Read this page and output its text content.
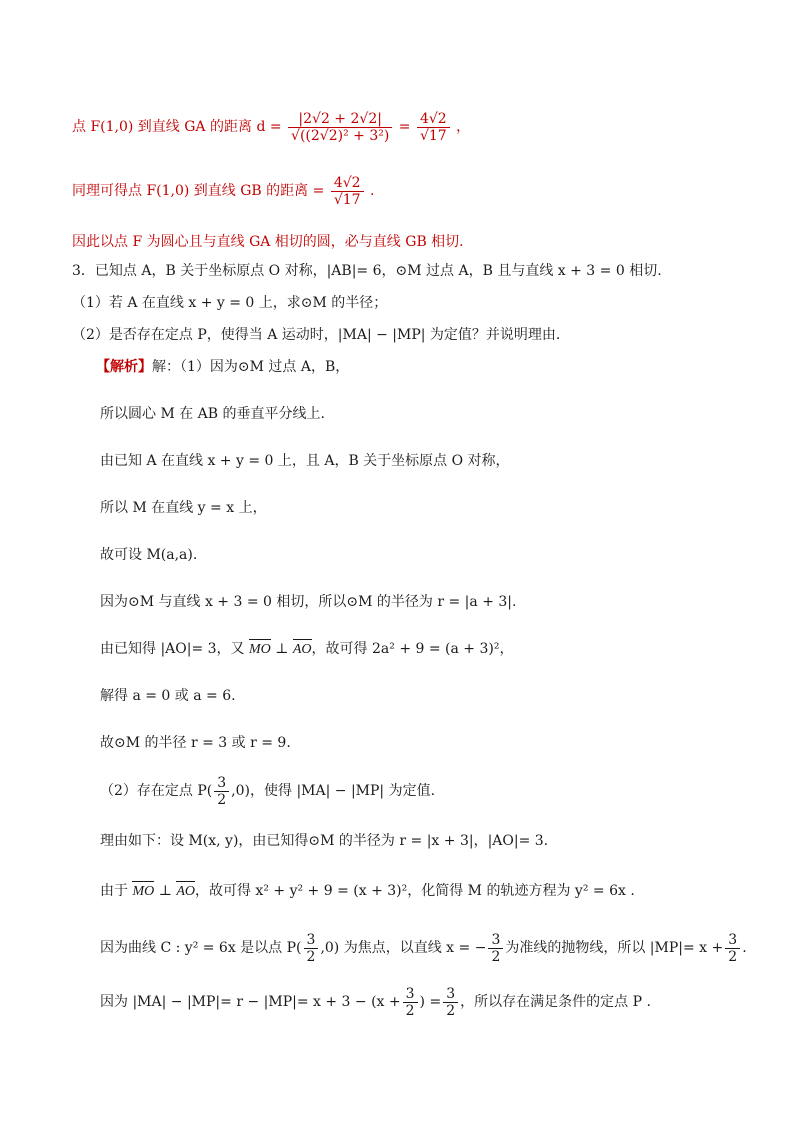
点 F(1,0) 到直线 GA 的距离 $d = \frac{|2√2 + 2√2|}{\text{√((2√2)² + 3²)}} = \frac{4√2}{√17}$ ，
同理可得点 F(1,0) 到直线 GB 的距离 = $\frac{4√2}{√17}$ .
因此以点 F 为圆心且与直线 GA 相切的圆，必与直线 GB 相切.
3．已知点 A，B 关于坐标原点 O 对称，|AB|= 6，⊙M 过点 A，B 且与直线 x + 3 = 0 相切.
（1）若 A 在直线 x + y = 0 上，求⊙M 的半径；
（2）是否存在定点 P，使得当 A 运动时，|MA| − |MP| 为定值？并说明理由.
【解析】解：（1）因为⊙M 过点 A，B，
所以圆心 M 在 AB 的垂直平分线上.
由已知 A 在直线 x + y = 0 上，且 A，B 关于坐标原点 O 对称，
所以 M 在直线 y = x 上，
故可设 M(a,a).
因为⊙M 与直线 x + 3 = 0 相切，所以⊙M 的半径为 r = |a + 3|.
由已知得 |AO|= 3，又 MO ⊥ AO，故可得 2a² + 9 = (a + 3)²，
解得 a = 0 或 a = 6.
故⊙M 的半径 r = 3 或 r = 9.
（2）存在定点 $P( \frac{3}{2} ,0)$，使得 |MA| − |MP| 为定值.
理由如下：设 M(x, y)，由已知得⊙M 的半径为 r = |x + 3|，|AO|= 3.
由于 MO ⊥ AO，故可得 x² + y² + 9 = (x + 3)²，化简得 M 的轨迹方程为 y² = 6x .
因为曲线 C : y² = 6x 是以点 $P( \frac{3}{2} ,0)$ 为焦点，以直线 x = − $\frac{3}{2}$ 为准线的抛物线，所以 $|MP|= x + \frac{3}{2}$ .
因为 $|MA| - |MP|= r - |MP|= x + 3 - (x + \frac{3}{2}$ ) = $\frac{3}{2}$ ，所以存在满足条件的定点 P .
